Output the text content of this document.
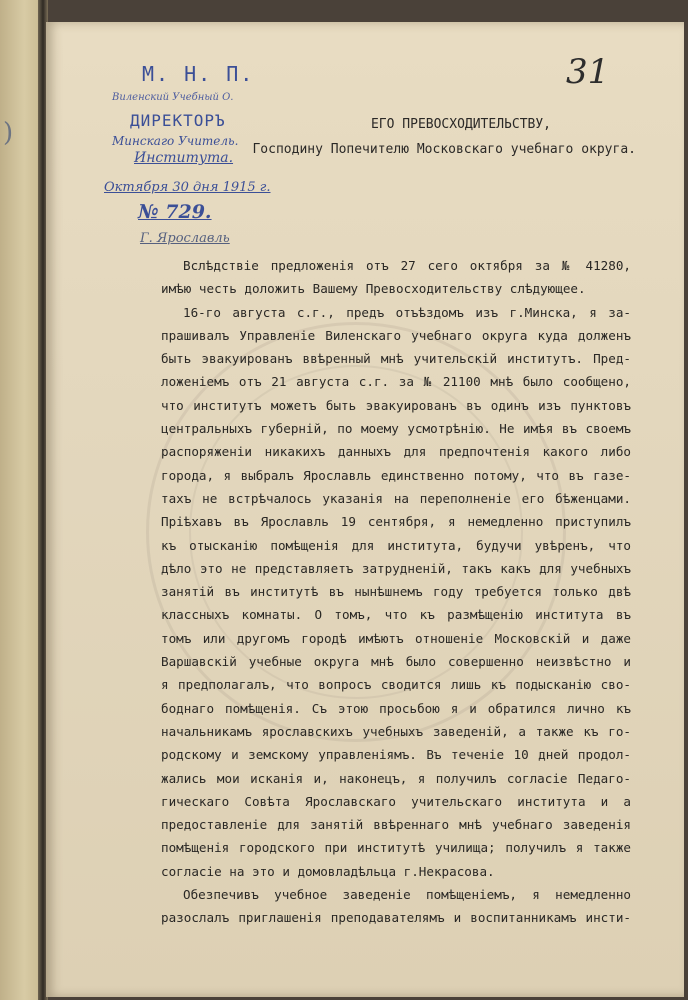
)
31
М. Н. П.
Виленский Учебный О.
ДИРЕКТОРЪ
Минскаго Учитель.
Института.
Октября 30 дня 1915 г.
№ 729.
Г. Ярославль
ЕГО ПРЕВОСХОДИТЕЛЬСТВУ,
Господину Попечителю Московскаго учебнаго округа.
Вслѣдствіе предложенія отъ 27 сего октября за № 41280,
имѣю честь доложить Вашему Превосходительству слѣдующее.
16-го августа с.г., предъ отъѣздомъ изъ г.Минска, я за-
прашивалъ Управленіе Виленскаго учебнаго округа куда долженъ
быть эвакуированъ ввѣренный мнѣ учительскій институтъ. Пред-
ложеніемъ отъ 21 августа с.г. за № 21100 мнѣ было сообщено,
что институтъ можетъ быть эвакуированъ въ одинъ изъ пунктовъ
центральныхъ губерній, по моему усмотрѣнію. Не имѣя въ своемъ
распоряженіи никакихъ данныхъ для предпочтенія какого либо
города, я выбралъ Ярославль единственно потому, что въ газе-
тахъ не встрѣчалось указанія на переполненіе его бѣженцами.
Пріѣхавъ въ Ярославль 19 сентября, я немедленно приступилъ
къ отысканію помѣщенія для института, будучи увѣренъ, что
дѣло это не представляетъ затрудненій, такъ какъ для учебныхъ
занятій въ институтѣ въ нынѣшнемъ году требуется только двѣ
классныхъ комнаты. О томъ, что къ размѣщенію института въ
томъ или другомъ городѣ имѣютъ отношеніе Московскій и даже
Варшавскій учебные округа мнѣ было совершенно неизвѣстно и
я предполагалъ, что вопросъ сводится лишь къ подысканію сво-
боднаго помѣщенія. Съ этою просьбою я и обратился лично къ
начальникамъ ярославскихъ учебныхъ заведеній, а также къ го-
родскому и земскому управленіямъ. Въ теченіе 10 дней продол-
жались мои исканія и, наконецъ, я получилъ согласіе Педаго-
гическаго Совѣта Ярославскаго учительскаго института и а
предоставленіе для занятій ввѣреннаго мнѣ учебнаго заведенія
помѣщенія городского при институтѣ училища; получилъ я также
согласіе на это и домовладѣльца г.Некрасова.
Обезпечивъ учебное заведеніе помѣщеніемъ, я немедленно
разослалъ приглашенія преподавателямъ и воспитанникамъ инсти-
